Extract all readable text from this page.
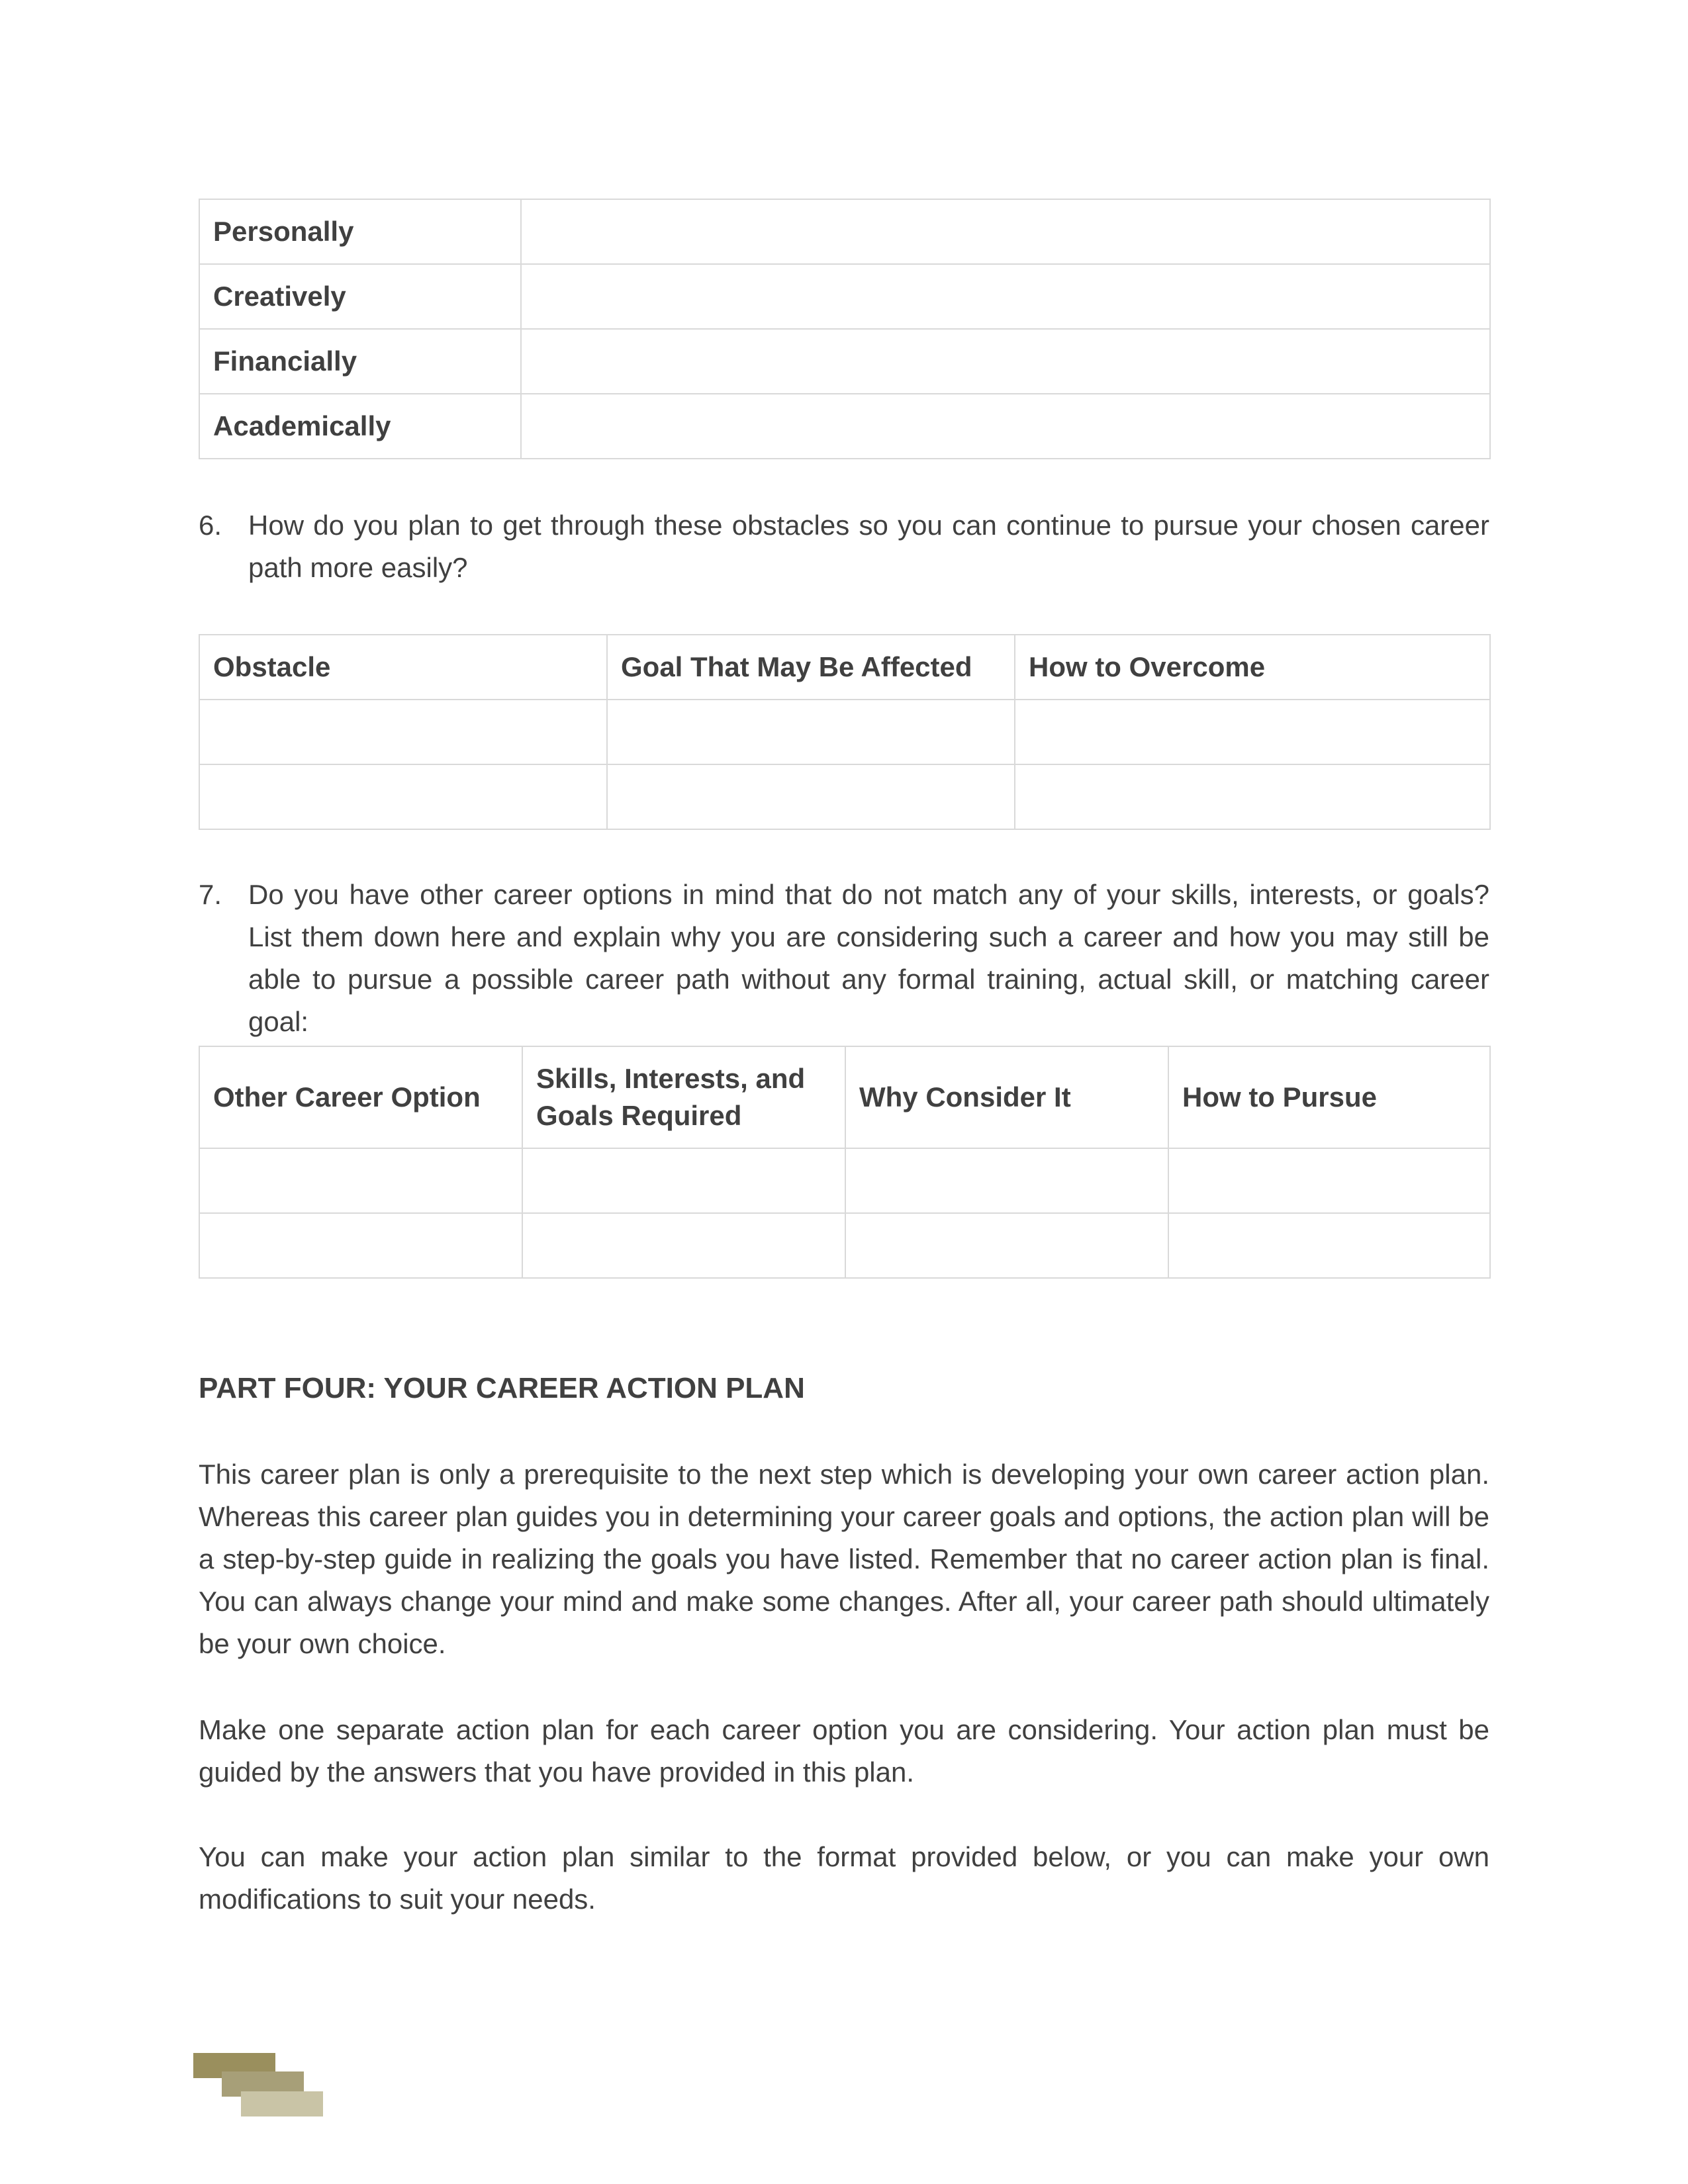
Personally	
Creatively	
Financially	
Academically	
6. How do you plan to get through these obstacles so you can continue to pursue your chosen career path more easily?
Obstacle	Goal That May Be Affected	How to Overcome

7. Do you have other career options in mind that do not match any of your skills, interests, or goals? List them down here and explain why you are considering such a career and how you may still be able to pursue a possible career path without any formal training, actual skill, or matching career goal:
Other Career Option	Skills, Interests, and Goals Required	Why Consider It	How to Pursue

PART FOUR: YOUR CAREER ACTION PLAN

This career plan is only a prerequisite to the next step which is developing your own career action plan. Whereas this career plan guides you in determining your career goals and options, the action plan will be a step-by-step guide in realizing the goals you have listed. Remember that no career action plan is final. You can always change your mind and make some changes. After all, your career path should ultimately be your own choice.

Make one separate action plan for each career option you are considering. Your action plan must be guided by the answers that you have provided in this plan.

You can make your action plan similar to the format provided below, or you can make your own modifications to suit your needs.
